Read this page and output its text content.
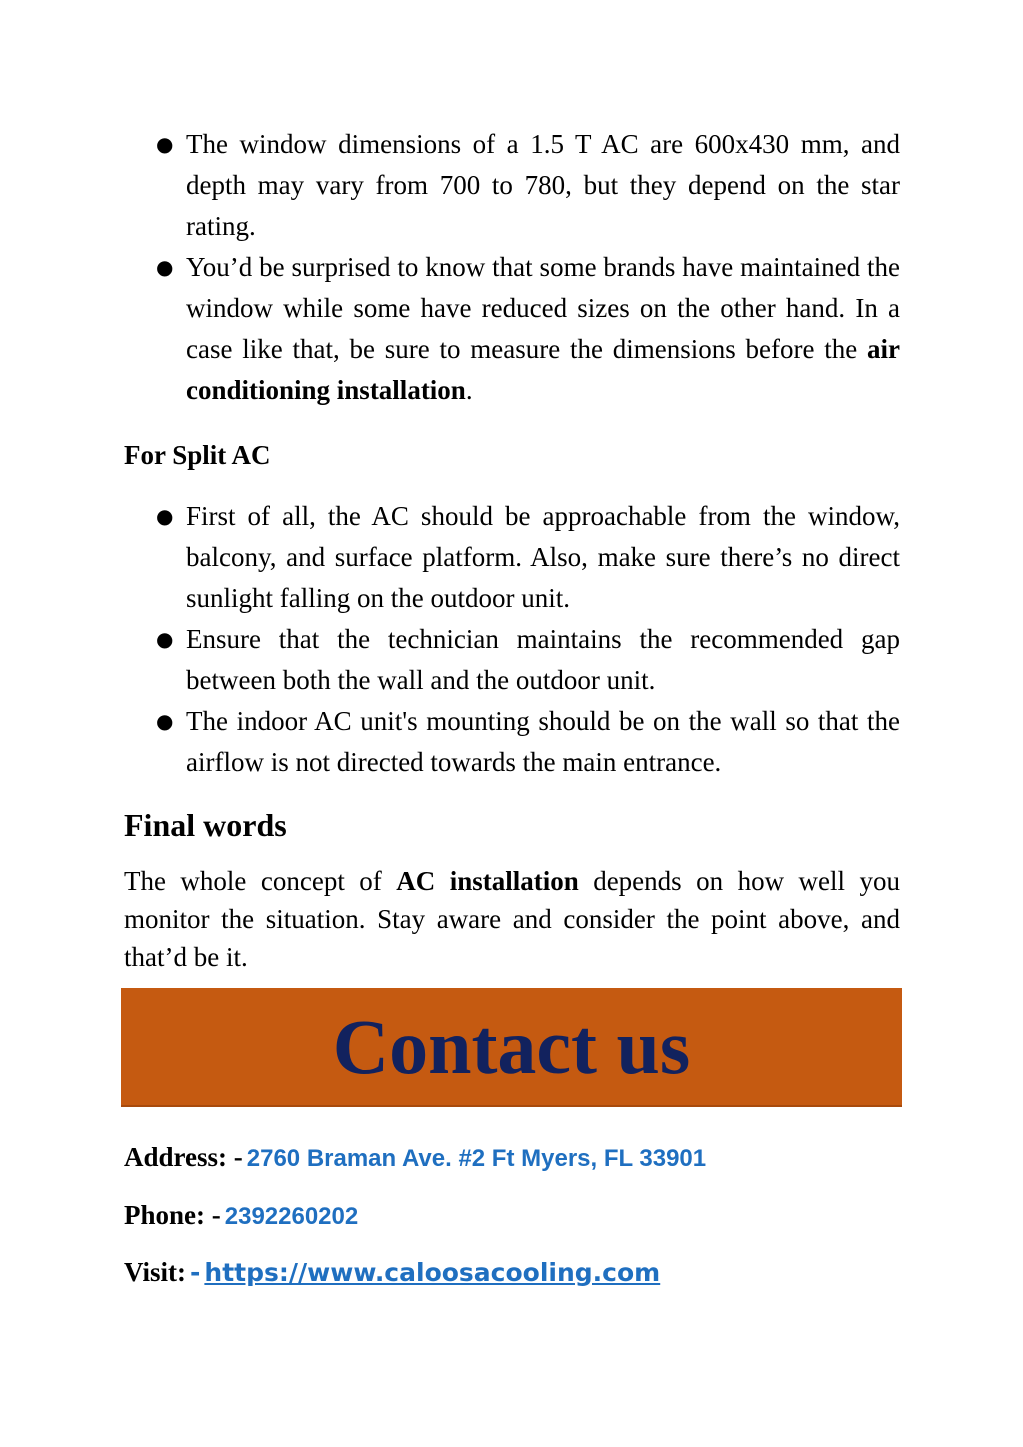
● The window dimensions of a 1.5 T AC are 600x430 mm, and depth may vary from 700 to 780, but they depend on the star rating.
● You’d be surprised to know that some brands have maintained the window while some have reduced sizes on the other hand. In a case like that, be sure to measure the dimensions before the air conditioning installation.
For Split AC
● First of all, the AC should be approachable from the window, balcony, and surface platform. Also, make sure there’s no direct sunlight falling on the outdoor unit.
● Ensure that the technician maintains the recommended gap between both the wall and the outdoor unit.
● The indoor AC unit's mounting should be on the wall so that the airflow is not directed towards the main entrance.
Final words

The whole concept of AC installation depends on how well you monitor the situation. Stay aware and consider the point above, and that’d be it.

Contact us
Address: - 2760 Braman Ave. #2 Ft Myers, FL 33901
Phone: - 2392260202
Visit: - https://www.caloosacooling.com
